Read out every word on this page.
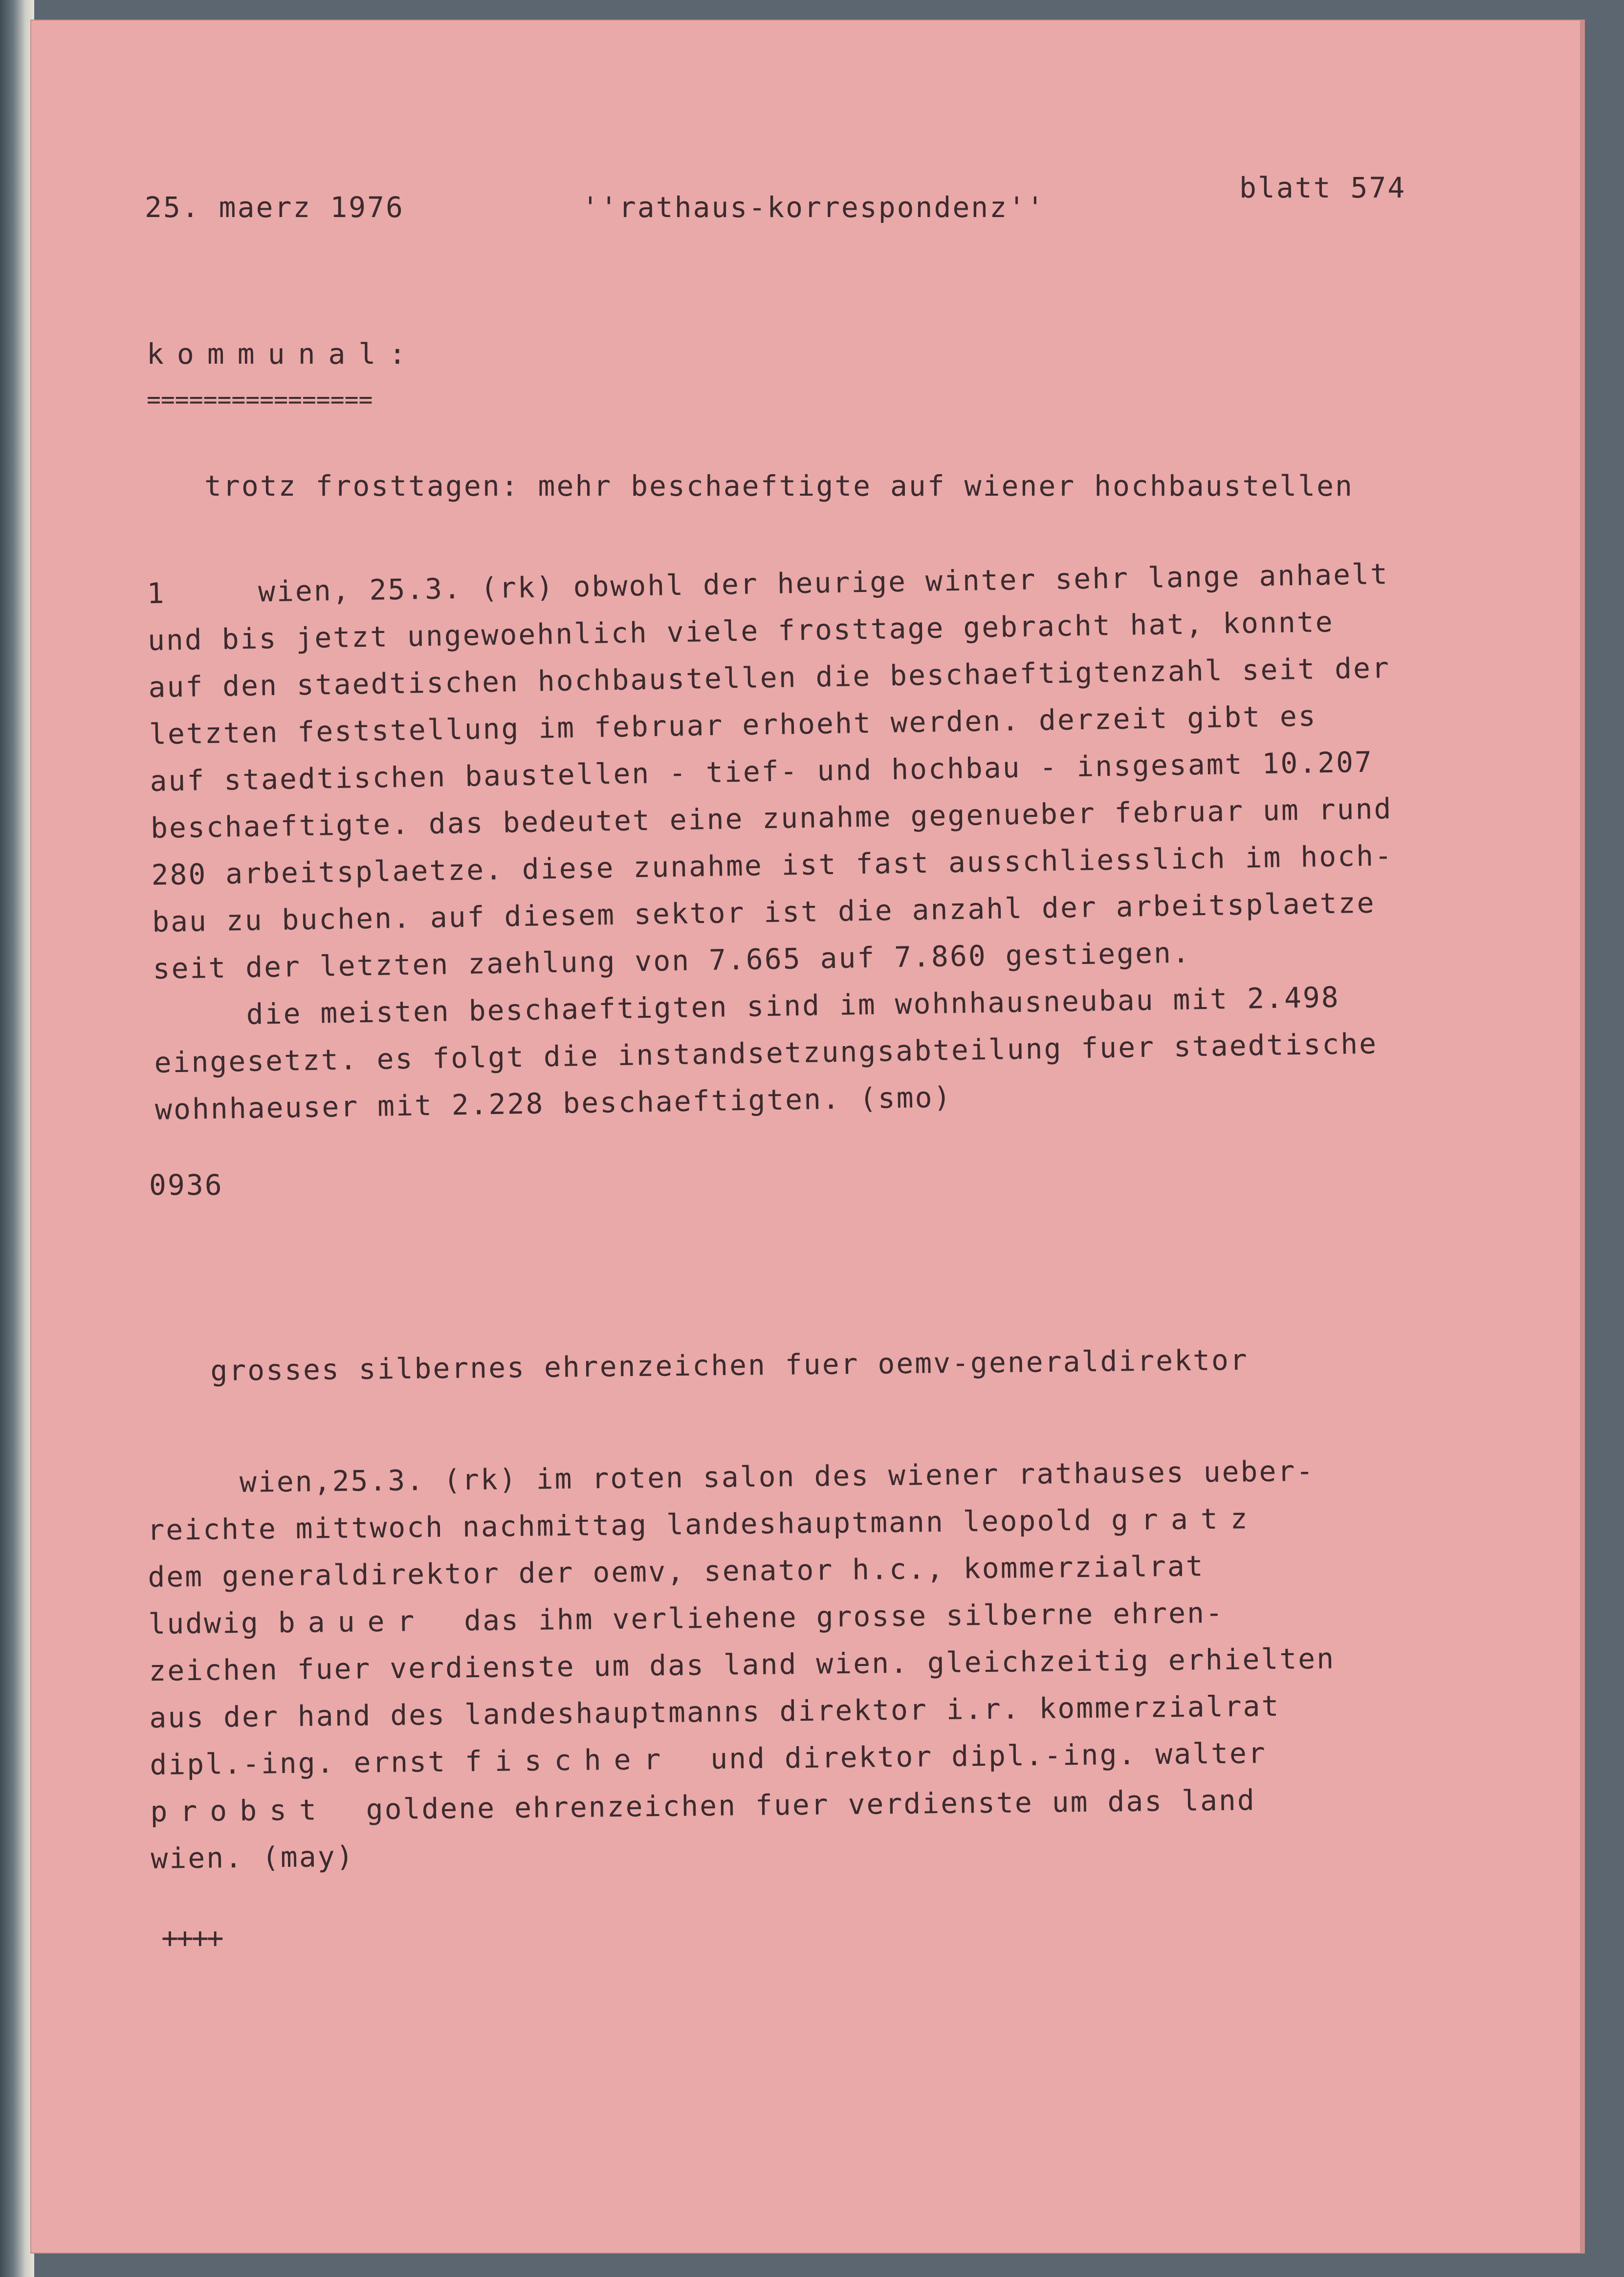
25. maerz 1976	''rathaus-korrespondenz''
blatt 574
kommunal:
================
trotz frosttagen: mehr beschaeftigte auf wiener hochbaustellen
1     wien, 25.3. (rk) obwohl der heurige winter sehr lange anhaelt
und bis jetzt ungewoehnlich viele frosttage gebracht hat, konnte
auf den staedtischen hochbaustellen die beschaeftigtenzahl seit der
letzten feststellung im februar erhoeht werden. derzeit gibt es
auf staedtischen baustellen - tief- und hochbau - insgesamt 10.207
beschaeftigte. das bedeutet eine zunahme gegenueber februar um rund
280 arbeitsplaetze. diese zunahme ist fast ausschliesslich im hoch-
bau zu buchen. auf diesem sektor ist die anzahl der arbeitsplaetze
seit der letzten zaehlung von 7.665 auf 7.860 gestiegen.
die meisten beschaeftigten sind im wohnhausneubau mit 2.498
eingesetzt. es folgt die instandsetzungsabteilung fuer staedtische
wohnhaeuser mit 2.228 beschaeftigten. (smo)
0936
grosses silbernes ehrenzeichen fuer oemv-generaldirektor
wien,25.3. (rk) im roten salon des wiener rathauses ueber-
reichte mittwoch nachmittag landeshauptmann leopold gratz
dem generaldirektor der oemv, senator h.c., kommerzialrat
ludwig bauer  das ihm verliehene grosse silberne ehren-
zeichen fuer verdienste um das land wien. gleichzeitig erhielten
aus der hand des landeshauptmanns direktor i.r. kommerzialrat
dipl.-ing. ernst fischer  und direktor dipl.-ing. walter
probst  goldene ehrenzeichen fuer verdienste um das land
wien. (may)
++++
